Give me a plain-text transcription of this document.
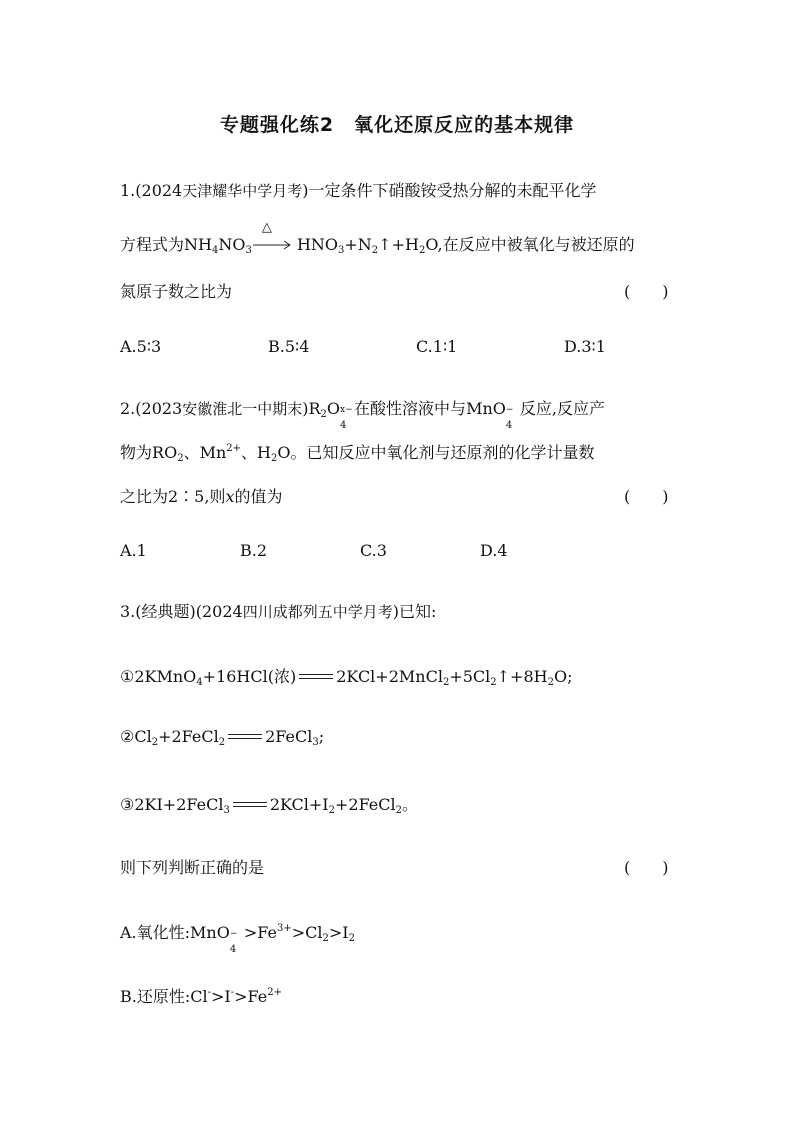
专题强化练2　氧化还原反应的基本规律
1.(2024天津耀华中学月考)一定条件下硝酸铵受热分解的未配平化学
方程式为$NH_4NO_3$
△
$HNO_3+N_2↑+H_2O$,在反应中被氧化与被还原的
氮原子数之比为	(　　)
A.5∶3	B.5∶4	C.1∶1	D.3∶1
2.(2023安徽淮北一中期末)$R_2O$ x−
4
在酸性溶液中与MnO −
4
反应,反应产
物为$RO_2$、$Mn^{2+}$、$H_2O$。已知反应中氧化剂与还原剂的化学计量数
之比为2∶5,则x的值为	(　　)
A.1	B.2	C.3	D.4
3.(经典题)(2024四川成都列五中学月考)已知:
①2KMnO$_4$+16HCl(浓)	$2KCl+2MnCl_2+5Cl_2↑+8H_2O$;
$②Cl_2+2FeCl_2$	2FeCl$_3$;
③2KI+2FeCl$_3$	$2KCl+I_2+2FeCl_2$。
则下列判断正确的是	(　　)
A.氧化性:MnO −
4
$>Fe^{3+}>Cl_2>I_2$
B.还原性$:Cl^->I^->Fe^{2+}$
